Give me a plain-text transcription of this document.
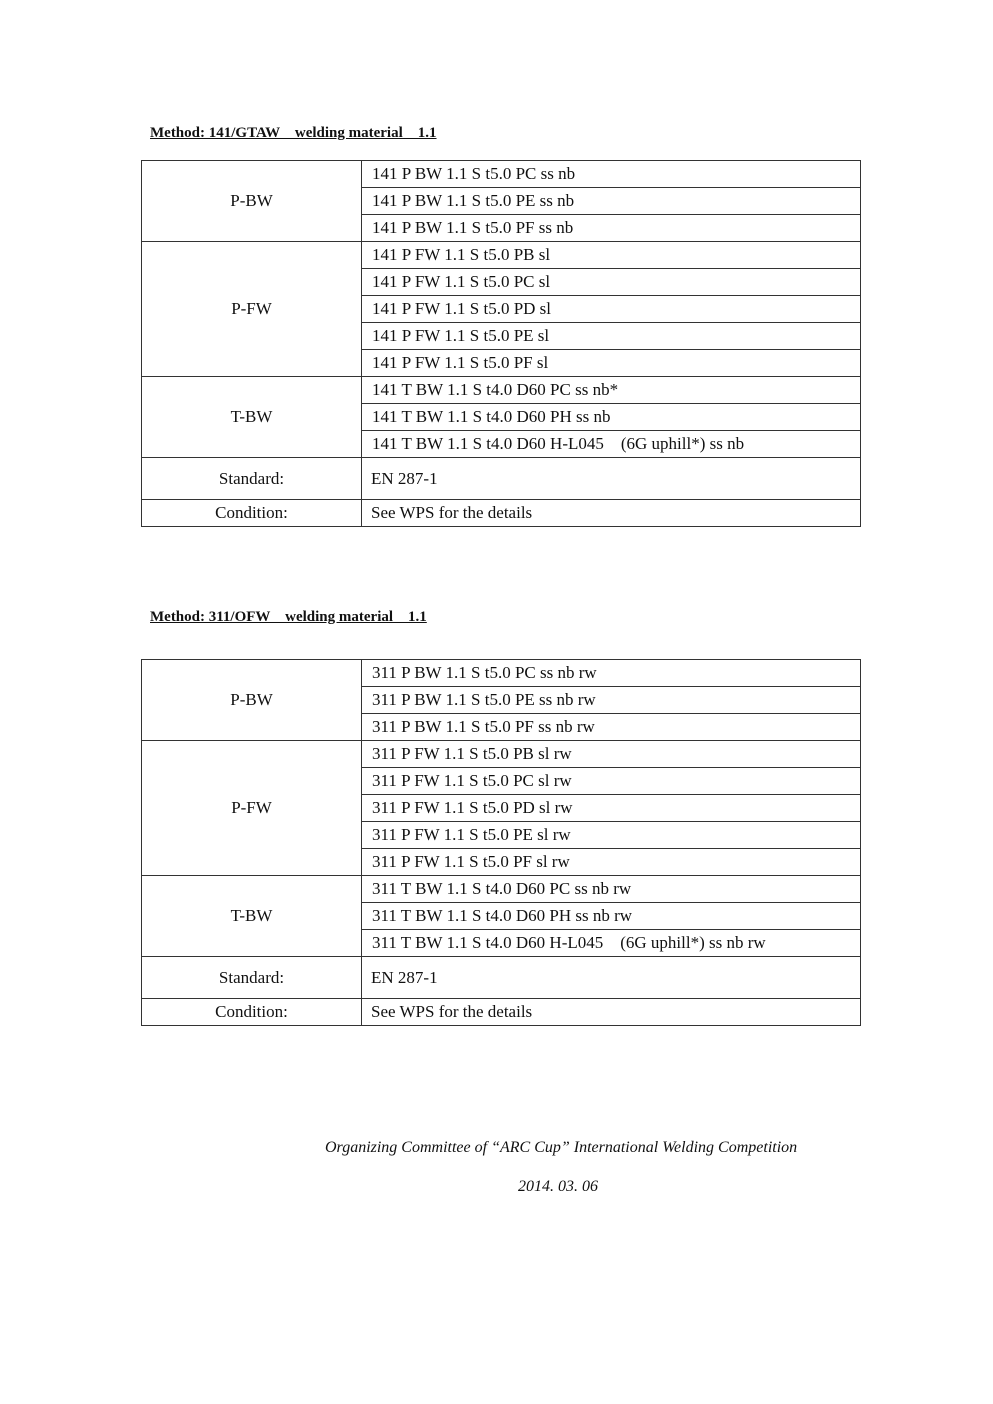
Method: 141/GTAW    welding material    1.1
P-BW	141 P BW 1.1 S t5.0 PC ss nb
	141 P BW 1.1 S t5.0 PE ss nb
	141 P BW 1.1 S t5.0 PF ss nb
P-FW	141 P FW 1.1 S t5.0 PB sl
	141 P FW 1.1 S t5.0 PC sl
	141 P FW 1.1 S t5.0 PD sl
	141 P FW 1.1 S t5.0 PE sl
	141 P FW 1.1 S t5.0 PF sl
T-BW	141 T BW 1.1 S t4.0 D60 PC ss nb*
	141 T BW 1.1 S t4.0 D60 PH ss nb
	141 T BW 1.1 S t4.0 D60 H-L045    (6G uphill*) ss nb
Standard:	EN 287-1
Condition:	See WPS for the details
Method: 311/OFW    welding material    1.1
P-BW	311 P BW 1.1 S t5.0 PC ss nb rw
	311 P BW 1.1 S t5.0 PE ss nb rw
	311 P BW 1.1 S t5.0 PF ss nb rw
P-FW	311 P FW 1.1 S t5.0 PB sl rw
	311 P FW 1.1 S t5.0 PC sl rw
	311 P FW 1.1 S t5.0 PD sl rw
	311 P FW 1.1 S t5.0 PE sl rw
	311 P FW 1.1 S t5.0 PF sl rw
T-BW	311 T BW 1.1 S t4.0 D60 PC ss nb rw
	311 T BW 1.1 S t4.0 D60 PH ss nb rw
	311 T BW 1.1 S t4.0 D60 H-L045    (6G uphill*) ss nb rw
Standard:	EN 287-1
Condition:	See WPS for the details
Organizing Committee of “ARC Cup” International Welding Competition
2014. 03. 06
